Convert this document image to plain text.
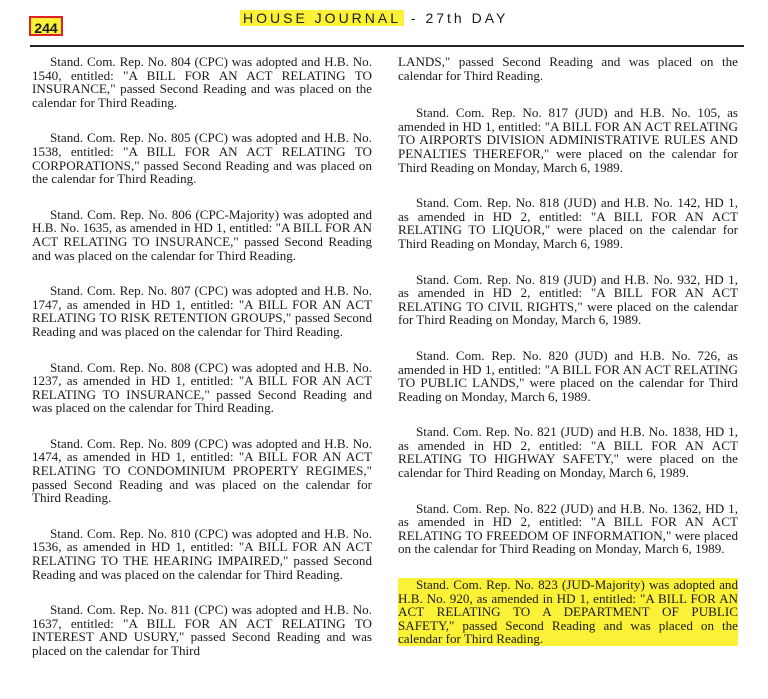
244
HOUSE JOURNAL - 27th DAY

Stand. Com. Rep. No. 804 (CPC) was adopted and H.B. No. 1540, entitled: "A BILL FOR AN ACT RELATING TO INSURANCE," passed Second Reading and was placed on the calendar for Third Reading.

Stand. Com. Rep. No. 805 (CPC) was adopted and H.B. No. 1538, entitled: "A BILL FOR AN ACT RELATING TO CORPORATIONS," passed Second Reading and was placed on the calendar for Third Reading.

Stand. Com. Rep. No. 806 (CPC-Majority) was adopted and H.B. No. 1635, as amended in HD 1, entitled: "A BILL FOR AN ACT RELATING TO INSURANCE," passed Second Reading and was placed on the calendar for Third Reading.

Stand. Com. Rep. No. 807 (CPC) was adopted and H.B. No. 1747, as amended in HD 1, entitled: "A BILL FOR AN ACT RELATING TO RISK RETENTION GROUPS," passed Second Reading and was placed on the calendar for Third Reading.

Stand. Com. Rep. No. 808 (CPC) was adopted and H.B. No. 1237, as amended in HD 1, entitled: "A BILL FOR AN ACT RELATING TO INSURANCE," passed Second Reading and was placed on the calendar for Third Reading.

Stand. Com. Rep. No. 809 (CPC) was adopted and H.B. No. 1474, as amended in HD 1, entitled: "A BILL FOR AN ACT RELATING TO CONDOMINIUM PROPERTY REGIMES," passed Second Reading and was placed on the calendar for Third Reading.

Stand. Com. Rep. No. 810 (CPC) was adopted and H.B. No. 1536, as amended in HD 1, entitled: "A BILL FOR AN ACT RELATING TO THE HEARING IMPAIRED," passed Second Reading and was placed on the calendar for Third Reading.

Stand. Com. Rep. No. 811 (CPC) was adopted and H.B. No. 1637, entitled: "A BILL FOR AN ACT RELATING TO INTEREST AND USURY," passed Second Reading and was placed on the calendar for Third

LANDS," passed Second Reading and was placed on the calendar for Third Reading.

Stand. Com. Rep. No. 817 (JUD) and H.B. No. 105, as amended in HD 1, entitled: "A BILL FOR AN ACT RELATING TO AIRPORTS DIVISION ADMINISTRATIVE RULES AND PENALTIES THEREFOR," were placed on the calendar for Third Reading on Monday, March 6, 1989.

Stand. Com. Rep. No. 818 (JUD) and H.B. No. 142, HD 1, as amended in HD 2, entitled: "A BILL FOR AN ACT RELATING TO LIQUOR," were placed on the calendar for Third Reading on Monday, March 6, 1989.

Stand. Com. Rep. No. 819 (JUD) and H.B. No. 932, HD 1, as amended in HD 2, entitled: "A BILL FOR AN ACT RELATING TO CIVIL RIGHTS," were placed on the calendar for Third Reading on Monday, March 6, 1989.

Stand. Com. Rep. No. 820 (JUD) and H.B. No. 726, as amended in HD 1, entitled: "A BILL FOR AN ACT RELATING TO PUBLIC LANDS," were placed on the calendar for Third Reading on Monday, March 6, 1989.

Stand. Com. Rep. No. 821 (JUD) and H.B. No. 1838, HD 1, as amended in HD 2, entitled: "A BILL FOR AN ACT RELATING TO HIGHWAY SAFETY," were placed on the calendar for Third Reading on Monday, March 6, 1989.

Stand. Com. Rep. No. 822 (JUD) and H.B. No. 1362, HD 1, as amended in HD 2, entitled: "A BILL FOR AN ACT RELATING TO FREEDOM OF INFORMATION," were placed on the calendar for Third Reading on Monday, March 6, 1989.

Stand. Com. Rep. No. 823 (JUD-Majority) was adopted and H.B. No. 920, as amended in HD 1, entitled: "A BILL FOR AN ACT RELATING TO A DEPARTMENT OF PUBLIC SAFETY," passed Second Reading and was placed on the calendar for Third Reading.
